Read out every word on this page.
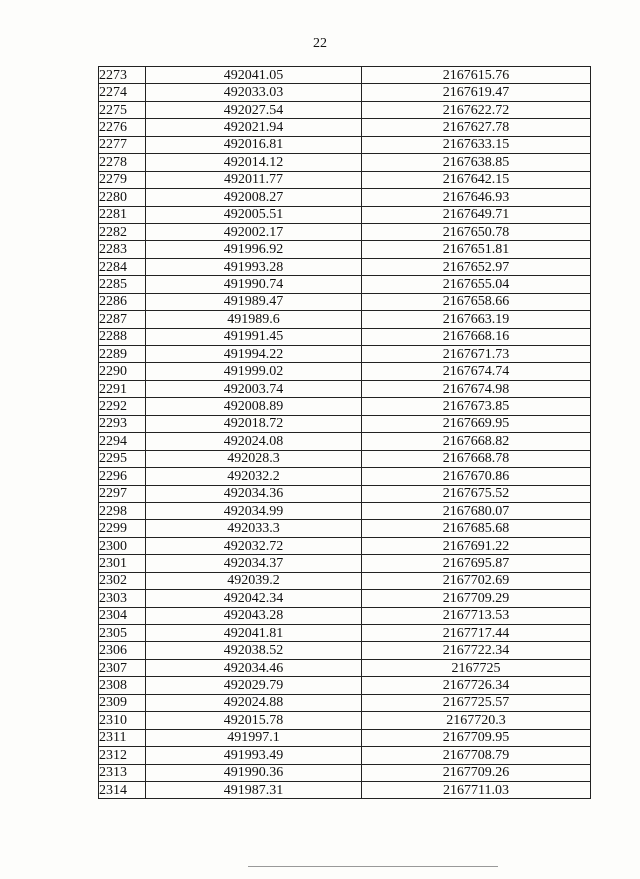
22
2273	492041.05	2167615.76
2274	492033.03	2167619.47
2275	492027.54	2167622.72
2276	492021.94	2167627.78
2277	492016.81	2167633.15
2278	492014.12	2167638.85
2279	492011.77	2167642.15
2280	492008.27	2167646.93
2281	492005.51	2167649.71
2282	492002.17	2167650.78
2283	491996.92	2167651.81
2284	491993.28	2167652.97
2285	491990.74	2167655.04
2286	491989.47	2167658.66
2287	491989.6	2167663.19
2288	491991.45	2167668.16
2289	491994.22	2167671.73
2290	491999.02	2167674.74
2291	492003.74	2167674.98
2292	492008.89	2167673.85
2293	492018.72	2167669.95
2294	492024.08	2167668.82
2295	492028.3	2167668.78
2296	492032.2	2167670.86
2297	492034.36	2167675.52
2298	492034.99	2167680.07
2299	492033.3	2167685.68
2300	492032.72	2167691.22
2301	492034.37	2167695.87
2302	492039.2	2167702.69
2303	492042.34	2167709.29
2304	492043.28	2167713.53
2305	492041.81	2167717.44
2306	492038.52	2167722.34
2307	492034.46	2167725
2308	492029.79	2167726.34
2309	492024.88	2167725.57
2310	492015.78	2167720.3
2311	491997.1	2167709.95
2312	491993.49	2167708.79
2313	491990.36	2167709.26
2314	491987.31	2167711.03
